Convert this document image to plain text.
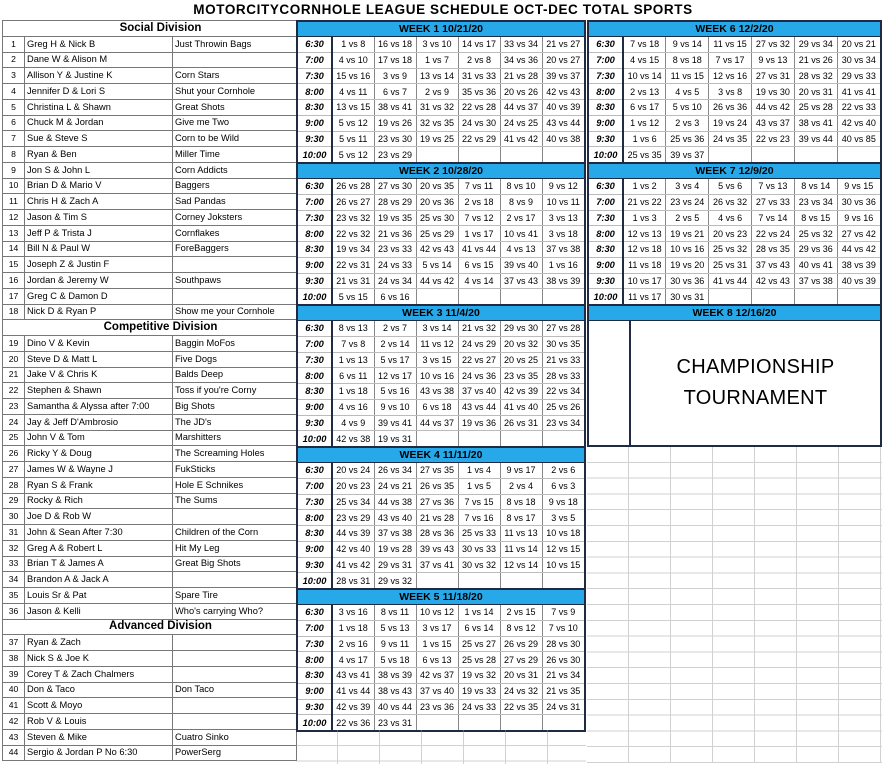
MOTORCITYCORNHOLE LEAGUE SCHEDULE OCT-DEC TOTAL SPORTS
	Social Division	
1	Greg H & Nick B	Just Throwin Bags
2	Dane W & Alison M	
3	Allison Y & Justine K	Corn Stars
4	Jennifer D & Lori S	Shut your Cornhole
5	Christina L & Shawn	Great Shots
6	Chuck M & Jordan	Give me Two
7	Sue & Steve S	Corn to be Wild
8	Ryan & Ben	Miller Time
9	Jon S & John L	Corn Addicts
10	Brian D & Mario V	Baggers
11	Chris H & Zach A	Sad Pandas
12	Jason & Tim S	Corney Joksters
13	Jeff P & Trista J	Cornflakes
14	Bill N & Paul W	ForeBaggers
15	Joseph Z & Justin F	
16	Jordan & Jeremy W	Southpaws
17	Greg C & Damon D	
18	Nick D & Ryan P	Show me your Cornhole
	Competitive Division	
19	Dino V & Kevin	Baggin MoFos
20	Steve D & Matt L	Five Dogs
21	Jake V & Chris K	Balds Deep
22	Stephen & Shawn	Toss if you're Corny
23	Samantha & Alyssa after 7:00	Big Shots
24	Jay & Jeff D'Ambrosio	The JD's
25	John V & Tom	Marshitters
26	Ricky Y & Doug	The Screaming Holes
27	James W & Wayne J	FukSticks
28	Ryan S & Frank	Hole E Schnikes
29	Rocky & Rich	The Sums
30	Joe D & Rob W	
31	John & Sean After 7:30	Children of the Corn
32	Greg A & Robert L	Hit My Leg
33	Brian T & James A	Great Big Shots
34	Brandon A & Jack A	
35	Louis Sr & Pat	Spare Tire
36	Jason & Kelli	Who's carrying Who?
	Advanced Division	
37	Ryan & Zach	
38	Nick S & Joe K	
39	Corey T & Zach Chalmers	
40	Don & Taco	Don Taco
41	Scott & Moyo	
42	Rob V & Louis	
43	Steven & Mike	Cuatro Sinko
44	Sergio & Jordan P No 6:30	PowerSerg
WEEK 1 10/21/20
6:30	1 vs 8	16 vs 18	3 vs 10	14 vs 17	33 vs 34	21 vs 27
7:00	4 vs 10	17 vs 18	1 vs 7	2 vs 8	34 vs 36	20 vs 27
7:30	15 vs 16	3 vs 9	13 vs 14	31 vs 33	21 vs 28	39 vs 37
8:00	4 vs 11	6 vs 7	2 vs 9	35 vs 36	20 vs 26	42 vs 43
8:30	13 vs 15	38 vs 41	31 vs 32	22 vs 28	44 vs 37	40 vs 39
9:00	5 vs 12	19 vs 26	32 vs 35	24 vs 30	24 vs 25	43 vs 44
9:30	5 vs 11	23 vs 30	19 vs 25	22 vs 29	41 vs 42	40 vs 38
10:00	5 vs 12	23 vs 29				
WEEK 2 10/28/20
6:30	26 vs 28	27 vs 30	20 vs 35	7 vs 11	8 vs 10	9 vs 12
7:00	26 vs 27	28 vs 29	20 vs 36	2 vs 18	8 vs 9	10 vs 11
7:30	23 vs 32	19 vs 35	25 vs 30	7 vs 12	2 vs 17	3 vs 13
8:00	22 vs 32	21 vs 36	25 vs 29	1 vs 17	10 vs 41	3 vs 18
8:30	19 vs 34	23 vs 33	42 vs 43	41 vs 44	4 vs 13	37 vs 38
9:00	22 vs 31	24 vs 33	5 vs 14	6 vs 15	39 vs 40	1 vs 16
9:30	21 vs 31	24 vs 34	44 vs 42	4 vs 14	37 vs 43	38 vs 39
10:00	5 vs 15	6 vs 16				
WEEK 3 11/4/20
6:30	8 vs 13	2 vs 7	3 vs 14	21 vs 32	29 vs 30	27 vs 28
7:00	7 vs 8	2 vs 14	11 vs 12	24 vs 29	20 vs 32	30 vs 35
7:30	1 vs 13	5 vs 17	3 vs 15	22 vs 27	20 vs 25	21 vs 33
8:00	6 vs 11	12 vs 17	10 vs 16	24 vs 36	23 vs 35	28 vs 33
8:30	1 vs 18	5 vs 16	43 vs 38	37 vs 40	42 vs 39	22 vs 34
9:00	4 vs 16	9 vs 10	6 vs 18	43 vs 44	41 vs 40	25 vs 26
9:30	4 vs 9	39 vs 41	44 vs 37	19 vs 36	26 vs 31	23 vs 34
10:00	42 vs 38	19 vs 31				
WEEK 4 11/11/20
6:30	20 vs 24	26 vs 34	27 vs 35	1 vs 4	9 vs 17	2 vs 6
7:00	20 vs 23	24 vs 21	26 vs 35	1 vs 5	2 vs 4	6 vs 3
7:30	25 vs 34	44 vs 38	27 vs 36	7 vs 15	8 vs 18	9 vs 18
8:00	23 vs 29	43 vs 40	21 vs 28	7 vs 16	8 vs 17	3 vs 5
8:30	44 vs 39	37 vs 38	28 vs 36	25 vs 33	11 vs 13	10 vs 18
9:00	42 vs 40	19 vs 28	39 vs 43	30 vs 33	11 vs 14	12 vs 15
9:30	41 vs 42	29 vs 31	37 vs 41	30 vs 32	12 vs 14	10 vs 15
10:00	28 vs 31	29 vs 32				
WEEK 5 11/18/20
6:30	3 vs 16	8 vs 11	10 vs 12	1 vs 14	2 vs 15	7 vs 9
7:00	1 vs 18	5 vs 13	3 vs 17	6 vs 14	8 vs 12	7 vs 10
7:30	2 vs 16	9 vs 11	1 vs 15	25 vs 27	26 vs 29	28 vs 30
8:00	4 vs 17	5 vs 18	6 vs 13	25 vs 28	27 vs 29	26 vs 30
8:30	43 vs 41	38 vs 39	42 vs 37	19 vs 32	20 vs 31	21 vs 34
9:00	41 vs 44	38 vs 43	37 vs 40	19 vs 33	24 vs 32	21 vs 35
9:30	42 vs 39	40 vs 44	23 vs 36	24 vs 33	22 vs 35	24 vs 31
10:00	22 vs 36	23 vs 31				
WEEK 6 12/2/20
6:30	7 vs 18	9 vs 14	11 vs 15	27 vs 32	29 vs 34	20 vs 21
7:00	4 vs 15	8 vs 18	7 vs 17	9 vs 13	21 vs 26	30 vs 34
7:30	10 vs 14	11 vs 15	12 vs 16	27 vs 31	28 vs 32	29 vs 33
8:00	2 vs 13	4 vs 5	3 vs 8	19 vs 30	20 vs 31	41 vs 41
8:30	6 vs 17	5 vs 10	26 vs 36	44 vs 42	25 vs 28	22 vs 33
9:00	1 vs 12	2 vs 3	19 vs 24	43 vs 37	38 vs 41	42 vs 40
9:30	1 vs 6	25 vs 36	24 vs 35	22 vs 23	39 vs 44	40 vs 85
10:00	25 vs 35	39 vs 37				
WEEK 7 12/9/20
6:30	1 vs 2	3 vs 4	5 vs 6	7 vs 13	8 vs 14	9 vs 15
7:00	21 vs 22	23 vs 24	26 vs 32	27 vs 33	23 vs 34	30 vs 36
7:30	1 vs 3	2 vs 5	4 vs 6	7 vs 14	8 vs 15	9 vs 16
8:00	12 vs 13	19 vs 21	20 vs 23	22 vs 24	25 vs 32	27 vs 42
8:30	12 vs 18	10 vs 16	25 vs 32	28 vs 35	29 vs 36	44 vs 42
9:00	11 vs 18	19 vs 20	25 vs 31	37 vs 43	40 vs 41	38 vs 39
9:30	10 vs 17	30 vs 36	41 vs 44	42 vs 43	37 vs 38	40 vs 39
10:00	11 vs 17	30 vs 31				
WEEK 8 12/16/20
CHAMPIONSHIP
TOURNAMENT
